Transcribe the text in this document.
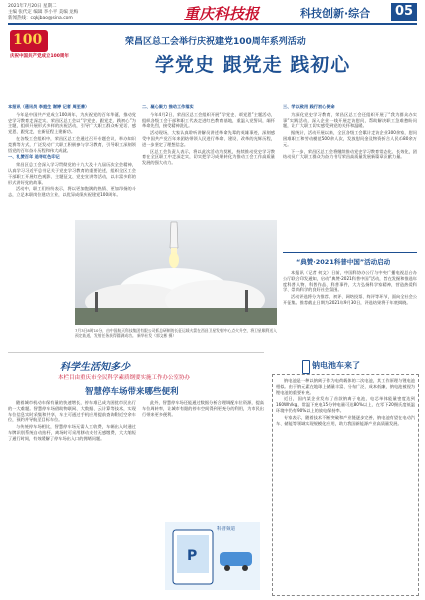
2021年7月20日 星期二
主编 张代定 编辑 李小平 美编 龙梅
新闻热线：cqkjbao@sina.com	重庆科技报	科技创新·综合	05
100
庆祝中国共产党成立100周年
荣昌区总工会举行庆祝建党100周年系列活动
学党史 跟党走 践初心

本报讯（通讯员 李庭生 谢婷 记者 周至善）

今年是中国共产党成立100周年，为庆祝党的百年华诞，推动党史学习教育走深走实，荣昌区总工会以“学党史、跟党走、践初心”为主题，组织开展形式多样的庆祝活动，引导广大职工群众听党话、感党恩、跟党走，在新征程上建新功。

在各级工会组织中，荣昌区总工会通过召开专题会议、举办知识竞赛等方式，广泛发动广大职工积极参与学习教育，引导职工深刻领悟党的百年奋斗历程和伟大成就。

一、礼赞百年 追寻红色印记

荣昌区总工会深入学习贯彻党的十九大及十九届历次全会精神，认真学习习近平总书记关于党史学习教育的重要论述，组织全区工会干部职工开展红色观影、主题征文、党史宣讲等活动，以丰富多彩的形式讲好党的故事。

活动中，职工们纷纷表示，将以更加饱满的热情、更加昂扬的斗志，立足本职岗位建功立业，以优异成绩庆祝建党100周年。

二、凝心聚力 推动工作落实

今年4月2日，荣昌区总工会组织开展“学党史、颂党恩”主题活动，组织各级工会干部和职工代表走进红色教育基地，重温入党誓词，缅怀革命先烈，接受精神洗礼。

活动现场，大家认真聆听讲解员讲述革命先辈的英雄事迹，深刻感受中国共产党百年来团结带领人民进行革命、建设、改革的光辉历程，进一步坚定了理想信念。

区总工会负责人表示，将以此次活动为契机，持续推动党史学习教育在全区职工中走深走实，切实把学习成果转化为推动工会工作高质量发展的强大动力。

三、学以致用 践行初心使命

为深化党史学习教育，荣昌区总工会还组织开展了“我为群众办实事”实践活动，深入企业一线开展走访慰问，帮助解决职工急难愁盼问题，让广大职工切实感受到党的关怀和温暖。

据统计，活动开展以来，全区各级工会累计走访企业300余家，慰问困难职工和劳动模范500余人次，发放慰问金及物资折合人民币80余万元。

下一步，荣昌区总工会将继续推动党史学习教育常态化、长效化，团结动员广大职工群众为奋力书写荣昌高质量发展新篇章贡献力量。

7月3日8时10分，由中国航天科技集团有限公司抓总研制的长征运载火箭在西昌卫星发射中心点火升空，将卫星顺利送入预定轨道，发射任务获得圆满成功。 新华社发（郭文彬 摄）
“典赞·2021科普中国”活动启动

本报讯（记者 何文）日前，中国科协办公厅与中央广播电视总台办公厅联合印发通知，启动“典赞·2021科普中国”活动，旨在发掘和推选年度科普人物、科普作品、科普事件，大力弘扬科学家精神，营造热爱科学、崇尚科学的良好社会氛围。

活动评选将分为推荐、初评、网络投票、终评等环节，面向全社会公开征集。推荐截止日期为2021年9月30日，评选结果将于年底揭晓。

科学生活知多少
本栏目由重庆市全民科学素质纲要实施工作办公室协办
智慧停车场带来哪些便利

随着城市机动车保有量的快速增长，停车难已成为困扰市民出行的一大难题。智慧停车场借助物联网、大数据、云计算等技术，实现车位信息实时采集和共享，车主可通过手机应用提前查询附近空余车位，预约并导航至目标车位。

与传统停车场相比，智慧停车场无需人工收费，车辆出入时通过车牌识别系统自动抬杆，离场时可采用移动支付无感缴费，大大缩短了通行时间，有效缓解了停车场出入口的拥堵问题。

此外，智慧停车场还能通过数据分析合理调配车位资源，提高车位周转率，让城市有限的停车空间得到更充分的利用，为市民出行带来更多便利。

P
科普频道
钠电池车来了

钠电池是一种以钠离子作为电荷载体的二次电池，其工作原理与锂电池相似。由于钠元素在地球上储量丰富、分布广泛、成本低廉，钠电池被视为锂电池的重要补充。

近日，国内某企业发布了首款钠离子电池，电芯单体能量密度达到160Wh/kg，常温下充电15分钟电量可达80%以上，在零下20摄氏度低温环境中仍有90%以上的放电保持率。

专家表示，随着技术不断突破和产业链逐步完善，钠电池有望在电动汽车、储能等领域实现规模化应用，助力我国新能源产业高质量发展。
